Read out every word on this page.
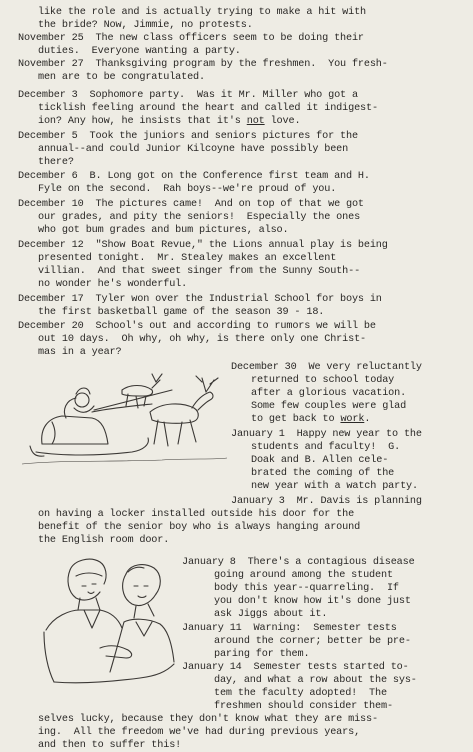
like the role and is actually trying to make a hit with
the bride? Now, Jimmie, no protests.
November 25  The new class officers seem to be doing their
duties.  Everyone wanting a party.
November 27  Thanksgiving program by the freshmen.  You fresh-
men are to be congratulated.
December 3  Sophomore party.  Was it Mr. Miller who got a
ticklish feeling around the heart and called it indigest-
ion? Any how, he insists that it's not love.
December 5  Took the juniors and seniors pictures for the
annual--and could Junior Kilcoyne have possibly been
there?
December 6  B. Long got on the Conference first team and H.
Fyle on the second.  Rah boys--we're proud of you.
December 10  The pictures came!  And on top of that we got
our grades, and pity the seniors!  Especially the ones
who got bum grades and bum pictures, also.
December 12  "Show Boat Revue," the Lions annual play is being
presented tonight.  Mr. Stealey makes an excellent
villian.  And that sweet singer from the Sunny South--
no wonder he's wonderful.
December 17  Tyler won over the Industrial School for boys in
the first basketball game of the season 39 - 18.
December 20  School's out and according to rumors we will be
out 10 days.  Oh why, oh why, is there only one Christ-
mas in a year?
December 30  We very reluctantly
returned to school today
after a glorious vacation.
Some few couples were glad
to get back to work.
January 1  Happy new year to the
students and faculty!  G.
Doak and B. Allen cele-
brated the coming of the
new year with a watch party.
January 3  Mr. Davis is planning
on having a locker installed outside his door for the
benefit of the senior boy who is always hanging around
the English room door.
January 8  There's a contagious disease
going around among the student
body this year--quarreling.  If
you don't know how it's done just
ask Jiggs about it.
January 11  Warning:  Semester tests
around the corner; better be pre-
paring for them.
January 14  Semester tests started to-
day, and what a row about the sys-
tem the faculty adopted!  The
freshmen should consider them-
selves lucky, because they don't know what they are miss-
ing.  All the freedom we've had during previous years,
and then to suffer this!
